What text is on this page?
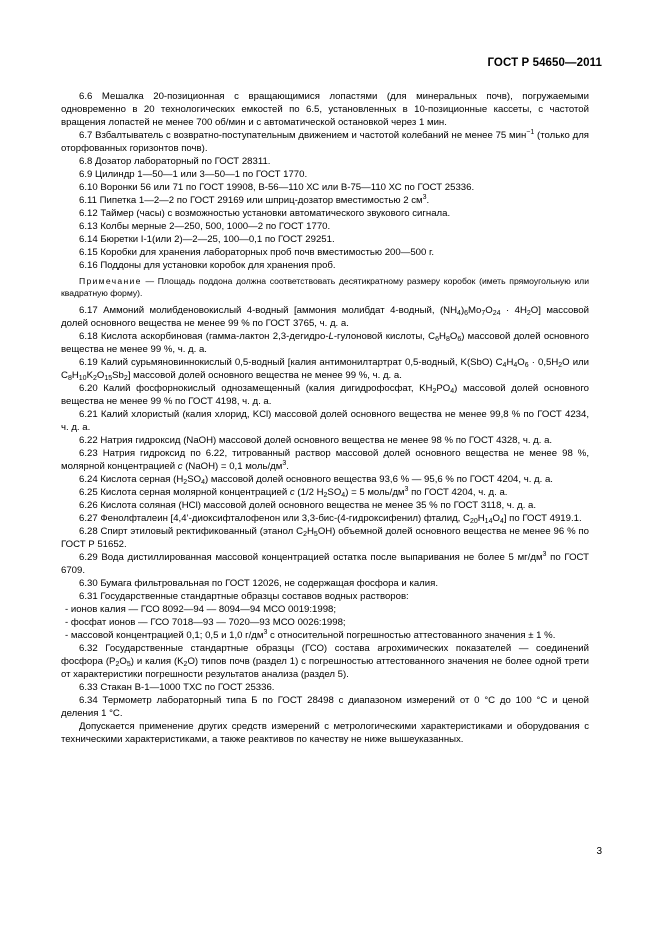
ГОСТ Р 54650—2011

6.6 Мешалка 20-позиционная с вращающимися лопастями (для минеральных почв), погружаемыми одновременно в 20 технологических емкостей по 6.5, установленных в 10-позиционные кассеты, с частотой вращения лопастей не менее 700 об/мин и с автоматической остановкой через 1 мин.

6.7 Взбалтыватель с возвратно-поступательным движением и частотой колебаний не менее 75 мин$^{-1}$ (только для оторфованных горизонтов почв).

6.8 Дозатор лабораторный по ГОСТ 28311.

6.9 Цилиндр 1—50—1 или 3—50—1 по ГОСТ 1770.

6.10 Воронки 56 или 71 по ГОСТ 19908, В-56—110 ХС или В-75—110 ХС по ГОСТ 25336.

6.11 Пипетка 1—2—2 по ГОСТ 29169 или шприц-дозатор вместимостью 2 $см^3$.

6.12 Таймер (часы) с возможностью установки автоматического звукового сигнала.

6.13 Колбы мерные 2—250, 500, 1000—2 по ГОСТ 1770.

6.14 Бюретки I-1(или 2)—2—25, 100—0,1 по ГОСТ 29251.

6.15 Коробки для хранения лабораторных проб почв вместимостью 200—500 г.

6.16 Поддоны для установки коробок для хранения проб.

Примечание — Площадь поддона должна соответствовать десятикратному размеру коробок (иметь прямоугольную или квадратную форму).

6.17 Аммоний молибденовокислый 4-водный [аммония молибдат 4-водный, $(NH_4)_6Mo_7O_{24} \cdot 4H_2O$] массовой долей основного вещества не менее 99 % по ГОСТ 3765, ч. д. а.

6.18 Кислота аскорбиновая (гамма-лактон 2,3-дегидро-L-гулоновой кислоты, $C_6H_8O_6$) массовой долей основного вещества не менее 99 %, ч. д. а.

6.19 Калий сурьмяновиннокислый 0,5-водный [калия антимонилтартрат 0,5-водный, K(SbO) $C_4H_4O_6 \cdot 0,5H_2O$ или $C_8H_{10}K_2O_{15}Sb_2$] массовой долей основного вещества не менее 99 %, ч. д. а.

6.20 Калий фосфорнокислый однозамещенный (калия дигидрофосфат, $KH_2PO_4$) массовой долей основного вещества не менее 99 % по ГОСТ 4198, ч. д. а.

6.21 Калий хлористый (калия хлорид, KCl) массовой долей основного вещества не менее 99,8 % по ГОСТ 4234, ч. д. а.

6.22 Натрия гидроксид (NaOH) массовой долей основного вещества не менее 98 % по ГОСТ 4328, ч. д. а.

6.23 Натрия гидроксид по 6.22, титрованный раствор массовой долей основного вещества не менее 98 %, молярной концентрацией c (NaOH) = 0,1 моль/$дм^3$.

6.24 Кислота серная $(H_2SO_4)$ массовой долей основного вещества 93,6 % — 95,6 % по ГОСТ 4204, ч. д. а.

6.25 Кислота серная молярной концентрацией c (1/2 $H_2SO_4) = 5$ моль/$дм^3$ по ГОСТ 4204, ч. д. а.

6.26 Кислота соляная (HCl) массовой долей основного вещества не менее 35 % по ГОСТ 3118, ч. д. а.

6.27 Фенолфталеин [4,4’-диоксифталофенон или 3,3-бис-(4-гидроксифенил) фталид, $C_{20}H_{14}O_4$] по ГОСТ 4919.1.

6.28 Спирт этиловый ректификованный (этанол $C_2H_5OH$) объемной долей основного вещества не менее 96 % по ГОСТ Р 51652.

6.29 Вода дистиллированная массовой концентрацией остатка после выпаривания не более 5 $мг/дм^3$ по ГОСТ 6709.

6.30 Бумага фильтровальная по ГОСТ 12026, не содержащая фосфора и калия.

6.31 Государственные стандартные образцы составов водных растворов:

- ионов калия — ГСО 8092—94 — 8094—94 МСО 0019:1998;

- фосфат ионов — ГСО 7018—93 — 7020—93 МСО 0026:1998;

- массовой концентрацией 0,1; 0,5 и 1,0 $г/дм^3$ с относительной погрешностью аттестованного значения ± 1 %.

6.32 Государственные стандартные образцы (ГСО) состава агрохимических показателей — соединений фосфора $(P_2O_5)$ и калия $(K_2O)$ типов почв (раздел 1) с погрешностью аттестованного значения не более одной трети от характеристики погрешности результатов анализа (раздел 5).

6.33 Стакан В-1—1000 ТХС по ГОСТ 25336.

6.34 Термометр лабораторный типа Б по ГОСТ 28498 с диапазоном измерений от 0 °С до 100 °С и ценой деления 1 °С.

Допускается применение других средств измерений с метрологическими характеристиками и оборудования с техническими характеристиками, а также реактивов по качеству не ниже вышеуказанных.

3
